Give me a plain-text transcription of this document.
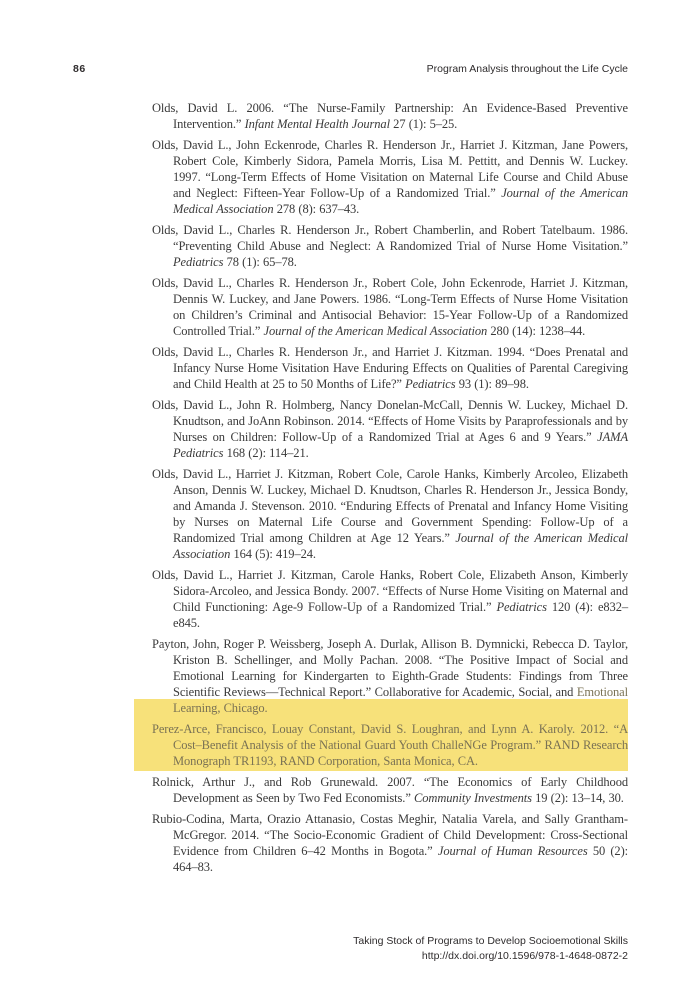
86	Program Analysis throughout the Life Cycle

Olds, David L. 2006. “The Nurse-Family Partnership: An Evidence-Based Preventive Intervention.” Infant Mental Health Journal 27 (1): 5–25.

Olds, David L., John Eckenrode, Charles R. Henderson Jr., Harriet J. Kitzman, Jane Powers, Robert Cole, Kimberly Sidora, Pamela Morris, Lisa M. Pettitt, and Dennis W. Luckey. 1997. “Long-Term Effects of Home Visitation on Maternal Life Course and Child Abuse and Neglect: Fifteen-Year Follow-Up of a Randomized Trial.” Journal of the American Medical Association 278 (8): 637–43.

Olds, David L., Charles R. Henderson Jr., Robert Chamberlin, and Robert Tatelbaum. 1986. “Preventing Child Abuse and Neglect: A Randomized Trial of Nurse Home Visitation.” Pediatrics 78 (1): 65–78.

Olds, David L., Charles R. Henderson Jr., Robert Cole, John Eckenrode, Harriet J. Kitzman, Dennis W. Luckey, and Jane Powers. 1986. “Long-Term Effects of Nurse Home Visitation on Children’s Criminal and Antisocial Behavior: 15-Year Follow-Up of a Randomized Controlled Trial.” Journal of the American Medical Association 280 (14): 1238–44.

Olds, David L., Charles R. Henderson Jr., and Harriet J. Kitzman. 1994. “Does Prenatal and Infancy Nurse Home Visitation Have Enduring Effects on Qualities of Parental Caregiving and Child Health at 25 to 50 Months of Life?” Pediatrics 93 (1): 89–98.

Olds, David L., John R. Holmberg, Nancy Donelan-McCall, Dennis W. Luckey, Michael D. Knudtson, and JoAnn Robinson. 2014. “Effects of Home Visits by Paraprofessionals and by Nurses on Children: Follow-Up of a Randomized Trial at Ages 6 and 9 Years.” JAMA Pediatrics 168 (2): 114–21.

Olds, David L., Harriet J. Kitzman, Robert Cole, Carole Hanks, Kimberly Arcoleo, Elizabeth Anson, Dennis W. Luckey, Michael D. Knudtson, Charles R. Henderson Jr., Jessica Bondy, and Amanda J. Stevenson. 2010. “Enduring Effects of Prenatal and Infancy Home Visiting by Nurses on Maternal Life Course and Government Spending: Follow-Up of a Randomized Trial among Children at Age 12 Years.” Journal of the American Medical Association 164 (5): 419–24.

Olds, David L., Harriet J. Kitzman, Carole Hanks, Robert Cole, Elizabeth Anson, Kimberly Sidora-Arcoleo, and Jessica Bondy. 2007. “Effects of Nurse Home Visiting on Maternal and Child Functioning: Age-9 Follow-Up of a Randomized Trial.” Pediatrics 120 (4): e832–e845.

Payton, John, Roger P. Weissberg, Joseph A. Durlak, Allison B. Dymnicki, Rebecca D. Taylor, Kriston B. Schellinger, and Molly Pachan. 2008. “The Positive Impact of Social and Emotional Learning for Kindergarten to Eighth-Grade Students: Findings from Three Scientific Reviews—Technical Report.” Collaborative for Academic, Social, and Emotional Learning, Chicago.

Perez-Arce, Francisco, Louay Constant, David S. Loughran, and Lynn A. Karoly. 2012. “A Cost–Benefit Analysis of the National Guard Youth ChalleNGe Program.” RAND Research Monograph TR1193, RAND Corporation, Santa Monica, CA.

Rolnick, Arthur J., and Rob Grunewald. 2007. “The Economics of Early Childhood Development as Seen by Two Fed Economists.” Community Investments 19 (2): 13–14, 30.

Rubio-Codina, Marta, Orazio Attanasio, Costas Meghir, Natalia Varela, and Sally Grantham-McGregor. 2014. “The Socio-Economic Gradient of Child Development: Cross-Sectional Evidence from Children 6–42 Months in Bogota.” Journal of Human Resources 50 (2): 464–83.

Taking Stock of Programs to Develop Socioemotional Skills
http://dx.doi.org/10.1596/978-1-4648-0872-2
